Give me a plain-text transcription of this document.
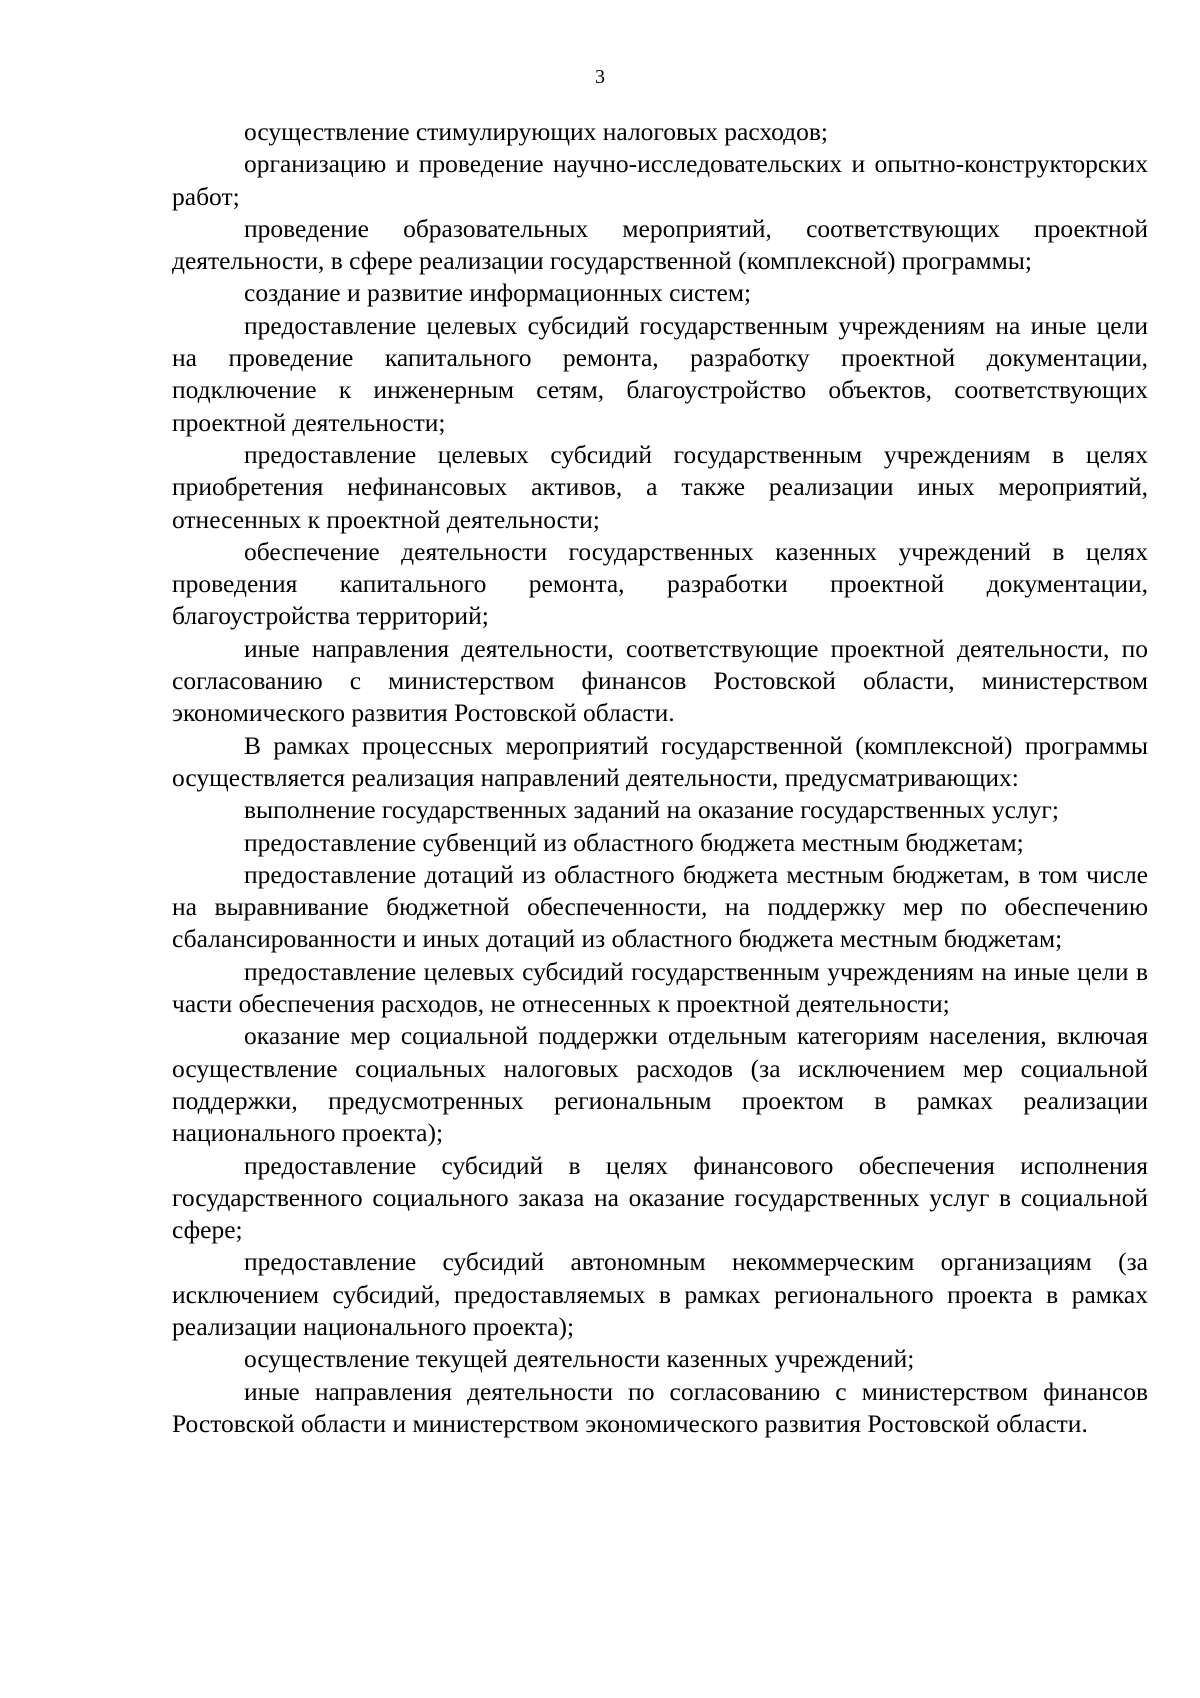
3

осуществление стимулирующих налоговых расходов;

организацию и проведение научно-исследовательских и опытно-конструкторских работ;

проведение образовательных мероприятий, соответствующих проектной деятельности, в сфере реализации государственной (комплексной) программы;

создание и развитие информационных систем;

предоставление целевых субсидий государственным учреждениям на иные цели на проведение капитального ремонта, разработку проектной документации, подключение к инженерным сетям, благоустройство объектов, соответствующих проектной деятельности;

предоставление целевых субсидий государственным учреждениям в целях приобретения нефинансовых активов, а также реализации иных мероприятий, отнесенных к проектной деятельности;

обеспечение деятельности государственных казенных учреждений в целях проведения капитального ремонта, разработки проектной документации, благоустройства территорий;

иные направления деятельности, соответствующие проектной деятельности, по согласованию с министерством финансов Ростовской области, министерством экономического развития Ростовской области.

В рамках процессных мероприятий государственной (комплексной) программы осуществляется реализация направлений деятельности, предусматривающих:

выполнение государственных заданий на оказание государственных услуг;

предоставление субвенций из областного бюджета местным бюджетам;

предоставление дотаций из областного бюджета местным бюджетам, в том числе на выравнивание бюджетной обеспеченности, на поддержку мер по обеспечению сбалансированности и иных дотаций из областного бюджета местным бюджетам;

предоставление целевых субсидий государственным учреждениям на иные цели в части обеспечения расходов, не отнесенных к проектной деятельности;

оказание мер социальной поддержки отдельным категориям населения, включая осуществление социальных налоговых расходов (за исключением мер социальной поддержки, предусмотренных региональным проектом в рамках реализации национального проекта);

предоставление субсидий в целях финансового обеспечения исполнения государственного социального заказа на оказание государственных услуг в социальной сфере;

предоставление субсидий автономным некоммерческим организациям (за исключением субсидий, предоставляемых в рамках регионального проекта в рамках реализации национального проекта);

осуществление текущей деятельности казенных учреждений;

иные направления деятельности по согласованию с министерством финансов Ростовской области и министерством экономического развития Ростовской области.
